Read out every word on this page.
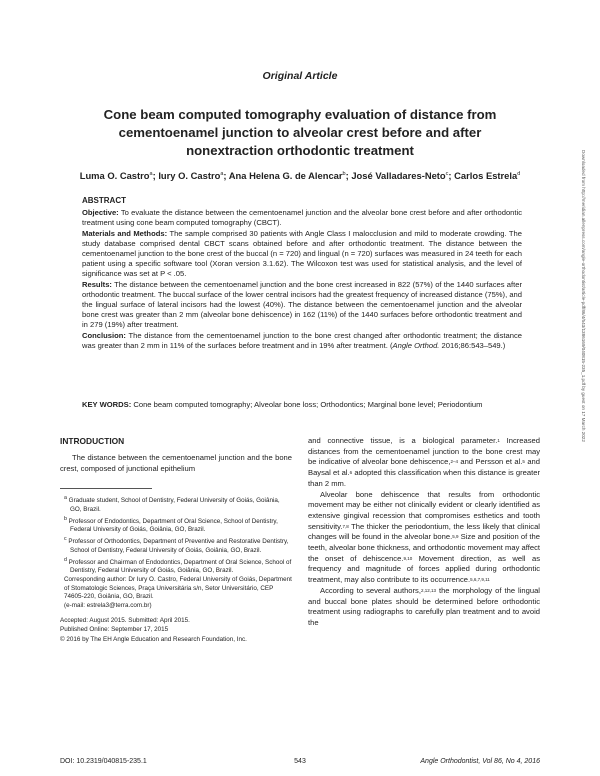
Original Article
Cone beam computed tomography evaluation of distance from cementoenamel junction to alveolar crest before and after nonextraction orthodontic treatment
Luma O. Castro$^a$; Iury O. Castro$^a$; Ana Helena G. de Alencar$^b$; José Valladares-Neto$^c$; Carlos Estrela$^d$
ABSTRACT

Objective: To evaluate the distance between the cementoenamel junction and the alveolar bone crest before and after orthodontic treatment using cone beam computed tomography (CBCT).

Materials and Methods: The sample comprised 30 patients with Angle Class I malocclusion and mild to moderate crowding. The study database comprised dental CBCT scans obtained before and after orthodontic treatment. The distance between the cementoenamel junction to the bone crest of the buccal (n = 720) and lingual (n = 720) surfaces was measured in 24 teeth for each patient using a specific software tool (Xoran version 3.1.62). The Wilcoxon test was used for statistical analysis, and the level of significance was set at P < .05.

Results: The distance between the cementoenamel junction and the bone crest increased in 822 (57%) of the 1440 surfaces after orthodontic treatment. The buccal surface of the lower central incisors had the greatest frequency of increased distance (75%), and the lingual surface of lateral incisors had the lowest (40%). The distance between the cementoenamel junction and the alveolar bone crest was greater than 2 mm (alveolar bone dehiscence) in 162 (11%) of the 1440 surfaces before orthodontic treatment and in 279 (19%) after treatment.

Conclusion: The distance from the cementoenamel junction to the bone crest changed after orthodontic treatment; the distance was greater than 2 mm in 11% of the surfaces before treatment and in 19% after treatment. (Angle Orthod. 2016;86:543–549.)

KEY WORDS: Cone beam computed tomography; Alveolar bone loss; Orthodontics; Marginal bone level; Periodontium
INTRODUCTION

The distance between the cementoenamel junction and the bone crest, composed of junctional epithelium

$^a$ Graduate student, School of Dentistry, Federal University of Goiás, Goiânia, GO, Brazil.

$^b$ Professor of Endodontics, Department of Oral Science, School of Dentistry, Federal University of Goiás, Goiânia, GO, Brazil.

$^c$ Professor of Orthodontics, Department of Preventive and Restorative Dentistry, School of Dentistry, Federal University of Goiás, Goiânia, GO, Brazil.

$^d$ Professor and Chairman of Endodontics, Department of Oral Science, School of Dentistry, Federal University of Goiás, Goiânia, GO, Brazil.

Corresponding author: Dr Iury O. Castro, Federal University of Goiás, Department of Stomatologic Sciences, Praça Universitária s/n, Setor Universitário, CEP 74605-220, Goiânia, GO, Brazil.

(e-mail: estrela3@terra.com.br)

Accepted: August 2015. Submitted: April 2015.

Published Online: September 17, 2015

© 2016 by The EH Angle Education and Research Foundation, Inc.

and connective tissue, is a biological parameter.$^1$ Increased distances from the cementoenamel junction to the bone crest may be indicative of alveolar bone dehiscence,$^{2-4}$ and Persson et al.$^5$ and Baysal et al.$^6$ adopted this classification when this distance is greater than 2 mm.

Alveolar bone dehiscence that results from orthodontic movement may be either not clinically evident or clearly identified as extensive gingival recession that compromises esthetics and tooth sensitivity.$^{7,8}$ The thicker the periodontium, the less likely that clinical changes will be found in the alveolar bone.$^{5,9}$ Size and position of the teeth, alveolar bone thickness, and orthodontic movement may affect the onset of dehiscence.$^{9,10}$ Movement direction, as well as frequency and magnitude of forces applied during orthodontic treatment, may also contribute to its occurrence.$^{5,6,7,9,11}$

According to several authors,$^{2,12,13}$ the morphology of the lingual and buccal bone plates should be determined before orthodontic treatment using radiographs to carefully plan treatment and to avoid the

DOI: 10.2319/040815-235.1	543	Angle Orthodontist, Vol 86, No 4, 2016
Downloaded from http://meridian.allenpress.com/angle-orthodontist/article-pdf/86/4/543/1386169/040815-235_1.pdf by guest on 17 March 2022
